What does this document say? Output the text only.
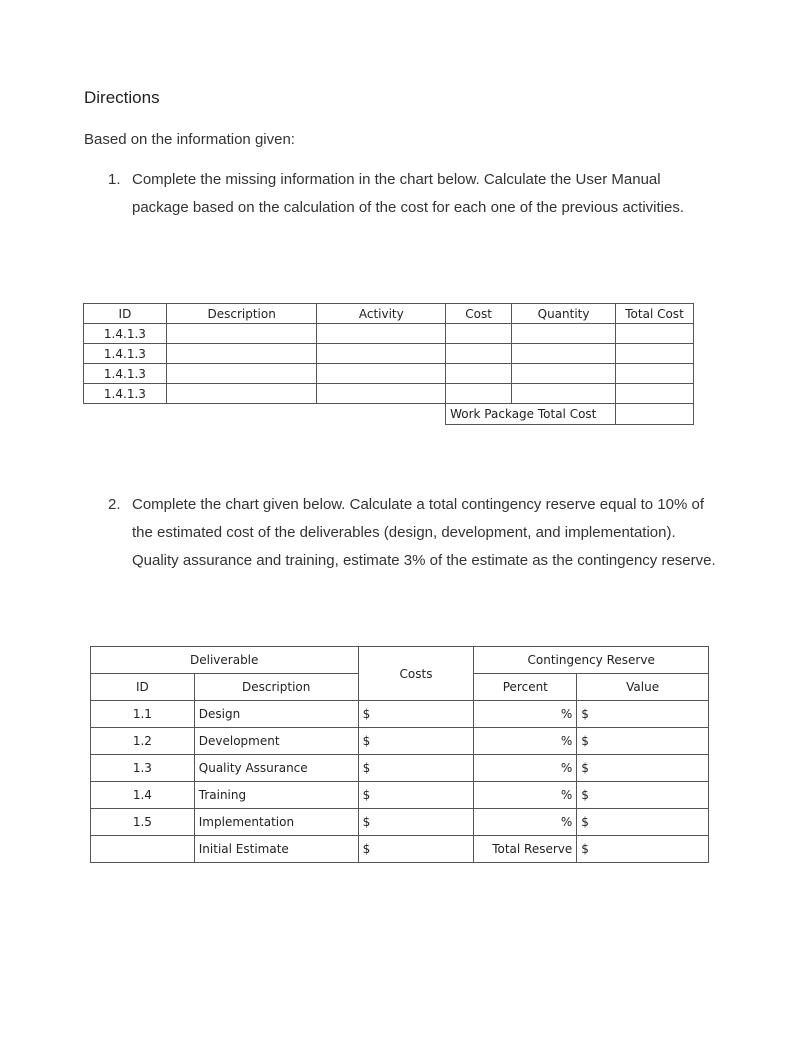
Directions
Based on the information given:
1. Complete the missing information in the chart below. Calculate the User Manual package based on the calculation of the cost for each one of the previous activities.
ID	Description	Activity	Cost	Quantity	Total Cost
1.4.1.3					
1.4.1.3					
1.4.1.3					
1.4.1.3					
			Work Package Total Cost		
2. Complete the chart given below. Calculate a total contingency reserve equal to 10% of the estimated cost of the deliverables (design, development, and implementation). Quality assurance and training, estimate 3% of the estimate as the contingency reserve.
Deliverable		Costs	Contingency Reserve	
ID	Description		Percent	Value
1.1	Design	$	%	$
1.2	Development	$	%	$
1.3	Quality Assurance	$	%	$
1.4	Training	$	%	$
1.5	Implementation	$	%	$
	Initial Estimate	$	Total Reserve	$
